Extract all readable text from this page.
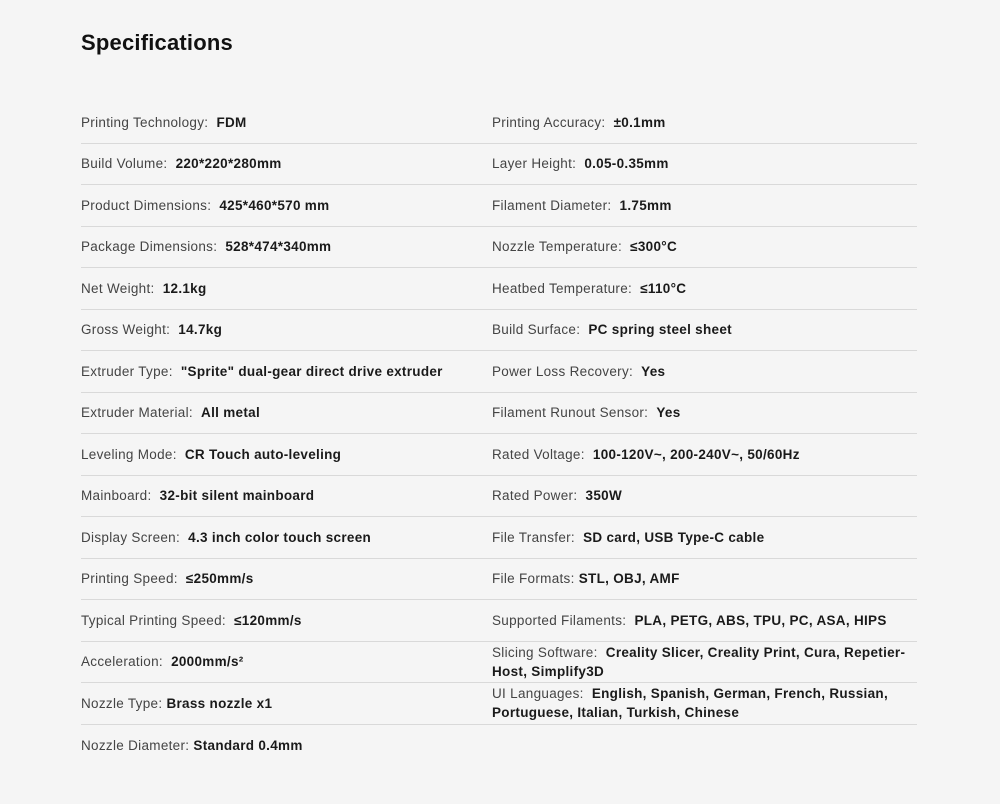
Specifications
Printing Technology: FDM
Build Volume: 220*220*280mm
Product Dimensions: 425*460*570 mm
Package Dimensions: 528*474*340mm
Net Weight: 12.1kg
Gross Weight: 14.7kg
Extruder Type: "Sprite" dual-gear direct drive extruder
Extruder Material: All metal
Leveling Mode: CR Touch auto-leveling
Mainboard: 32-bit silent mainboard
Display Screen: 4.3 inch color touch screen
Printing Speed: ≤250mm/s
Typical Printing Speed: ≤120mm/s
Acceleration: 2000mm/s²
Nozzle Type: Brass nozzle x1
Nozzle Diameter: Standard 0.4mm
Printing Accuracy: ±0.1mm
Layer Height: 0.05-0.35mm
Filament Diameter: 1.75mm
Nozzle Temperature: ≤300°C
Heatbed Temperature: ≤110°C
Build Surface: PC spring steel sheet
Power Loss Recovery: Yes
Filament Runout Sensor: Yes
Rated Voltage: 100-120V~, 200-240V~, 50/60Hz
Rated Power: 350W
File Transfer: SD card, USB Type-C cable
File Formats: STL, OBJ, AMF
Supported Filaments: PLA, PETG, ABS, TPU, PC, ASA, HIPS
Slicing Software: Creality Slicer, Creality Print, Cura, Repetier-Host, Simplify3D
UI Languages: English, Spanish, German, French, Russian, Portuguese, Italian, Turkish, Chinese
